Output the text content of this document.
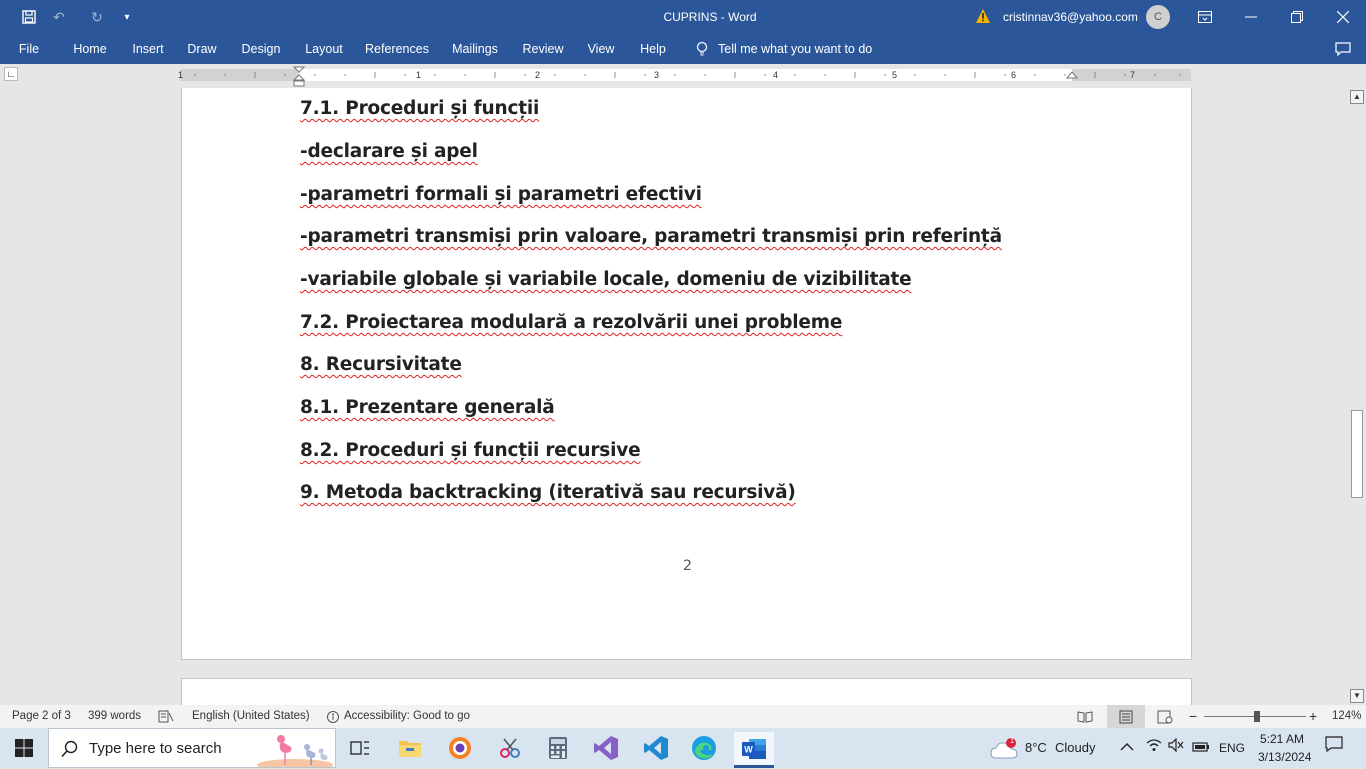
↶	↻	▾	CUPRINS - Word	cristinnav36@yahoo.com	C
File	Home	Insert	Draw	Design	Layout	References	Mailings	Review	View	Help	Tell me what you want to do
∟	1	1	2	3	4	5	6	7
7.1. Proceduri și funcții
-declarare și apel
-parametri formali și parametri efectivi
-parametri transmiși prin valoare, parametri transmiși prin referință
-variabile globale și variabile locale, domeniu de vizibilitate
7.2. Proiectarea modulară a rezolvării unei probleme
8. Recursivitate
8.1. Prezentare generală
8.2. Proceduri și funcții recursive
9. Metoda backtracking (iterativă sau recursivă)
2
▲
▼
Page 2 of 3 399 words	English (United States)	Accessibility: Good to go	−	+ 124%
Type here to search	W
1 8°C Cloudy	ENG
5:21 AM
3/13/2024
